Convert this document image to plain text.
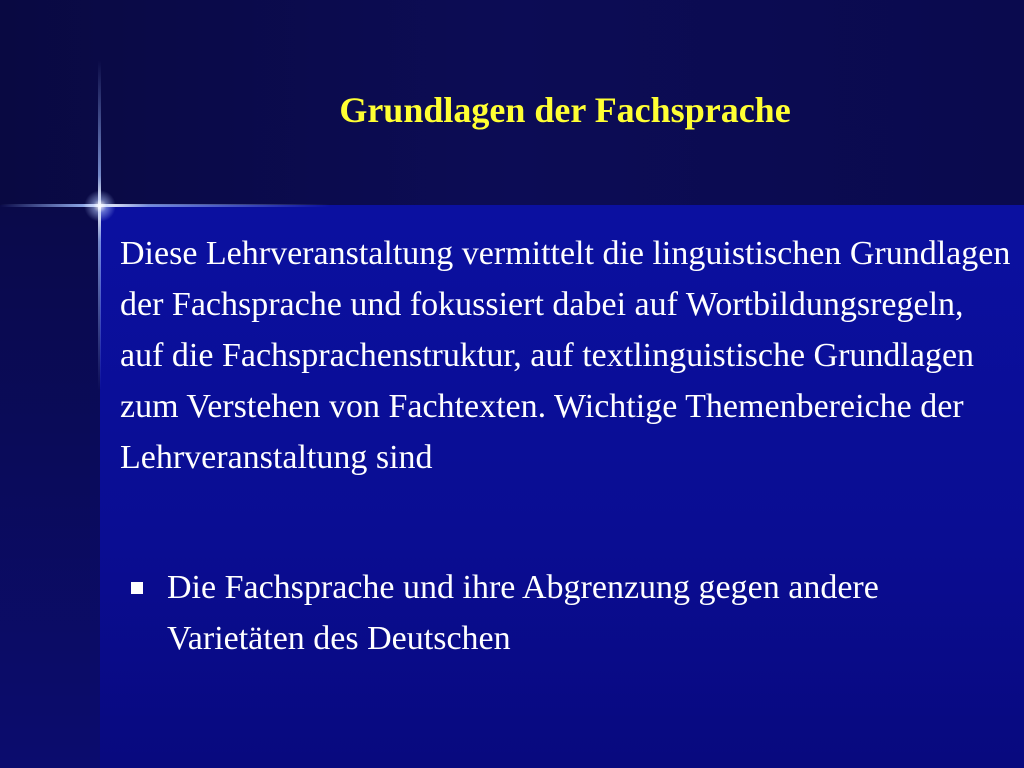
Grundlagen der Fachsprache

Diese Lehrveranstaltung vermittelt die linguistischen Grundlagen der Fachsprache und fokussiert dabei auf Wortbildungsregeln, auf die Fachsprachenstruktur, auf textlinguistische Grundlagen zum Verstehen von Fachtexten. Wichtige Themenbereiche der Lehrveranstaltung sind

Die Fachsprache und ihre Abgrenzung gegen andere Varietäten des Deutschen
